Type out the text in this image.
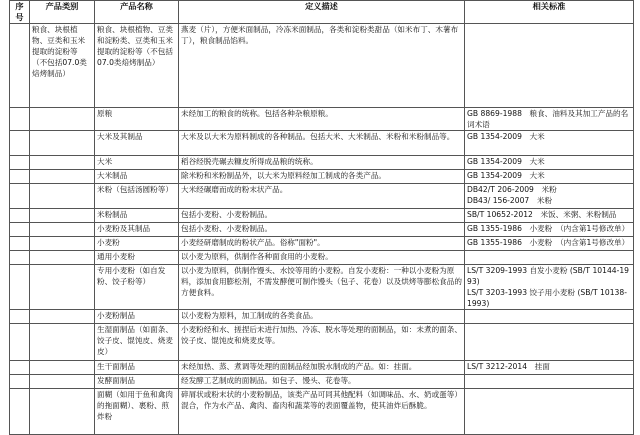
序号	产品类别	产品名称	定义描述	相关标准
	粮食、块根植物、豆类和玉米提取的淀粉等（不包括07.0类焙烤制品）	粮食、块根植物、豆类和淀粉类、豆类和玉米提取的淀粉等（不包括07.0类焙烤制品）	燕麦（片），方便米面制品，冷冻米面制品，各类和淀粉类甜品（如米布丁、木薯布丁），粮食制品馅料。	
		原粮	未经加工的粮食的统称。包括各种杂粮原粮。	GB 8869-1988　粮食、油料及其加工产品的名词术语
		大米及其制品	大米及以大米为原料制成的各种制品。包括大米、大米制品、米粉和米粉制品等。	GB 1354-2009　大米
		大米	稻谷经脱壳碾去糠皮所得成品粮的统称。	GB 1354-2009　大米
		大米制品	除米粉和米粉制品外，以大米为原料经加工制成的各类产品。	GB 1354-2009　大米
		米粉（包括汤圆粉等）	大米经碾磨而成的粉末状产品。	DB42/T 206-2009　米粉
DB43/ 156-2007　米粉
		米粉制品	包括小麦粉、小麦粉制品。	SB/T 10652-2012　米饭、米粥、米粉制品
		小麦粉及其制品	包括小麦粉、小麦粉制品。	GB 1355-1986　小麦粉　（内含第1号修改单）
		小麦粉	小麦经研磨制成的粉状产品。俗称"面粉"。	GB 1355-1986　小麦粉　（内含第1号修改单）
		通用小麦粉	以小麦为原料，供制作各种面食用的小麦粉。	
		专用小麦粉（如自发粉、饺子粉等）	以小麦为原料，供制作馒头、水饺等用的小麦粉。自发小麦粉：一种以小麦粉为原料，添加食用膨松剂，不需发酵便可制作馒头（包子、花卷）以及烘烤等膨松食品的方便食料。	LS/T 3209-1993 自发小麦粉 (SB/T 10144-1993)
LS/T 3203-1993 饺子用小麦粉 (SB/T 10138-1993)
		小麦粉制品	以小麦粉为原料，加工制成的各类食品。	
		生湿面制品（如面条、饺子皮、馄饨皮、烧麦皮）	小麦粉经和水、搓捏后未进行加热、冷冻、脱水等处理的面制品，如：未煮的面条、饺子皮、馄饨皮和烧麦皮等。	
		生干面制品	未经加热、蒸、煮调等处理的面制品经加脱水制成的产品。如：挂面。	LS/T 3212-2014　挂面
		发酵面制品	经发酵工艺制成的面制品。如包子、馒头、花卷等。	
		面糊（如用于鱼和禽肉的拖面糊）、裹粉、煎炸粉	碎屑状或粉末状的小麦粉制品，该类产品可同其他配料（如调味品、水、奶或蛋等）混合，作为水产品、禽肉、畜肉和蔬菜等的表面覆盖物，使其油炸后酥脆。	
